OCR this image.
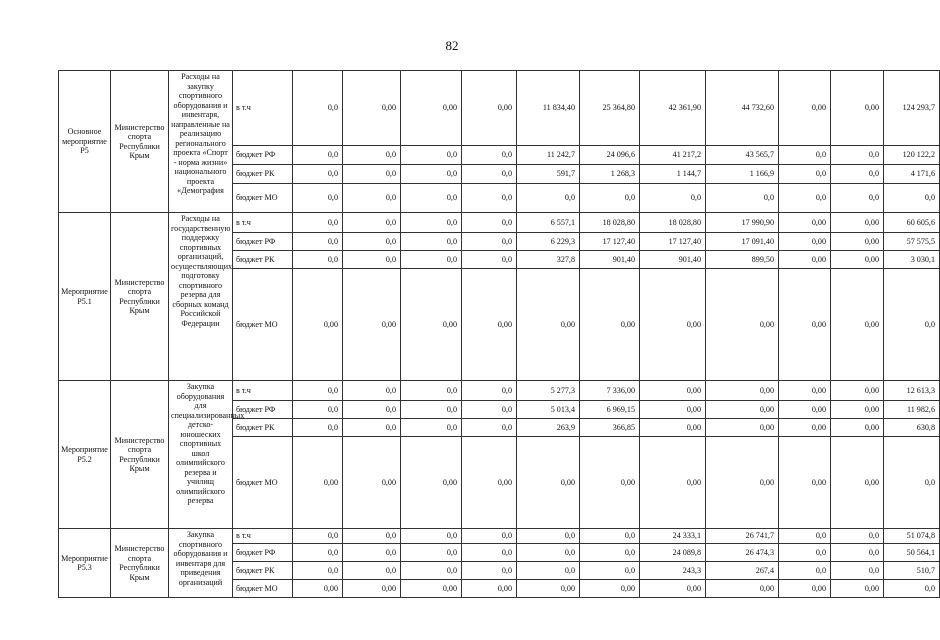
82
Основное мероприятие Р5	Министерство спорта Республики Крым	Расходы на закупку спортивного оборудования и инвентаря, направленные на реализацию регионального проекта «Спорт - норма жизни» национального проекта «Демография	в т.ч	0,0	0,00	0,00	0,00	11 834,40	25 364,80	42 361,90	44 732,60	0,00	0,00	124 293,7
			бюджет РФ	0,0	0,0	0,0	0,0	11 242,7	24 096,6	41 217,2	43 565,7	0,0	0,0	120 122,2
			бюджет РК	0,0	0,0	0,0	0,0	591,7	1 268,3	1 144,7	1 166,9	0,0	0,0	4 171,6
			бюджет МО	0,0	0,0	0,0	0,0	0,0	0,0	0,0	0,0	0,0	0,0	0,0
Мероприятие Р5.1	Министерство спорта Республики Крым	Расходы на государственную поддержку спортивных организаций, осуществляющих подготовку спортивного резерва для сборных команд Российской Федерации	в т.ч	0,0	0,0	0,0	0,0	6 557,1	18 028,80	18 028,80	17 990,90	0,00	0,00	60 605,6
			бюджет РФ	0,0	0,0	0,0	0,0	6 229,3	17 127,40	17 127,40	17 091,40	0,00	0,00	57 575,5
			бюджет РК	0,0	0,0	0,0	0,0	327,8	901,40	901,40	899,50	0,00	0,00	3 030,1
			бюджет МО	0,00	0,00	0,00	0,00	0,00	0,00	0,00	0,00	0,00	0,00	0,0
Мероприятие Р5.2	Министерство спорта Республики Крым	Закупка оборудования для специализированных детско-юношеских спортивных школ олимпийского резерва и училищ олимпийского резерва	в т.ч	0,0	0,0	0,0	0,0	5 277,3	7 336,00	0,00	0,00	0,00	0,00	12 613,3
			бюджет РФ	0,0	0,0	0,0	0,0	5 013,4	6 969,15	0,00	0,00	0,00	0,00	11 982,6
			бюджет РК	0,0	0,0	0,0	0,0	263,9	366,85	0,00	0,00	0,00	0,00	630,8
			бюджет МО	0,00	0,00	0,00	0,00	0,00	0,00	0,00	0,00	0,00	0,00	0,0
Мероприятие Р5.3	Министерство спорта Республики Крым	Закупка спортивного оборудования и инвентаря для приведения организаций	в т.ч	0,0	0,0	0,0	0,0	0,0	0,0	24 333,1	26 741,7	0,0	0,0	51 074,8
			бюджет РФ	0,0	0,0	0,0	0,0	0,0	0,0	24 089,8	26 474,3	0,0	0,0	50 564,1
			бюджет РК	0,0	0,0	0,0	0,0	0,0	0,0	243,3	267,4	0,0	0,0	510,7
			бюджет МО	0,00	0,00	0,00	0,00	0,00	0,00	0,00	0,00	0,00	0,00	0,0
